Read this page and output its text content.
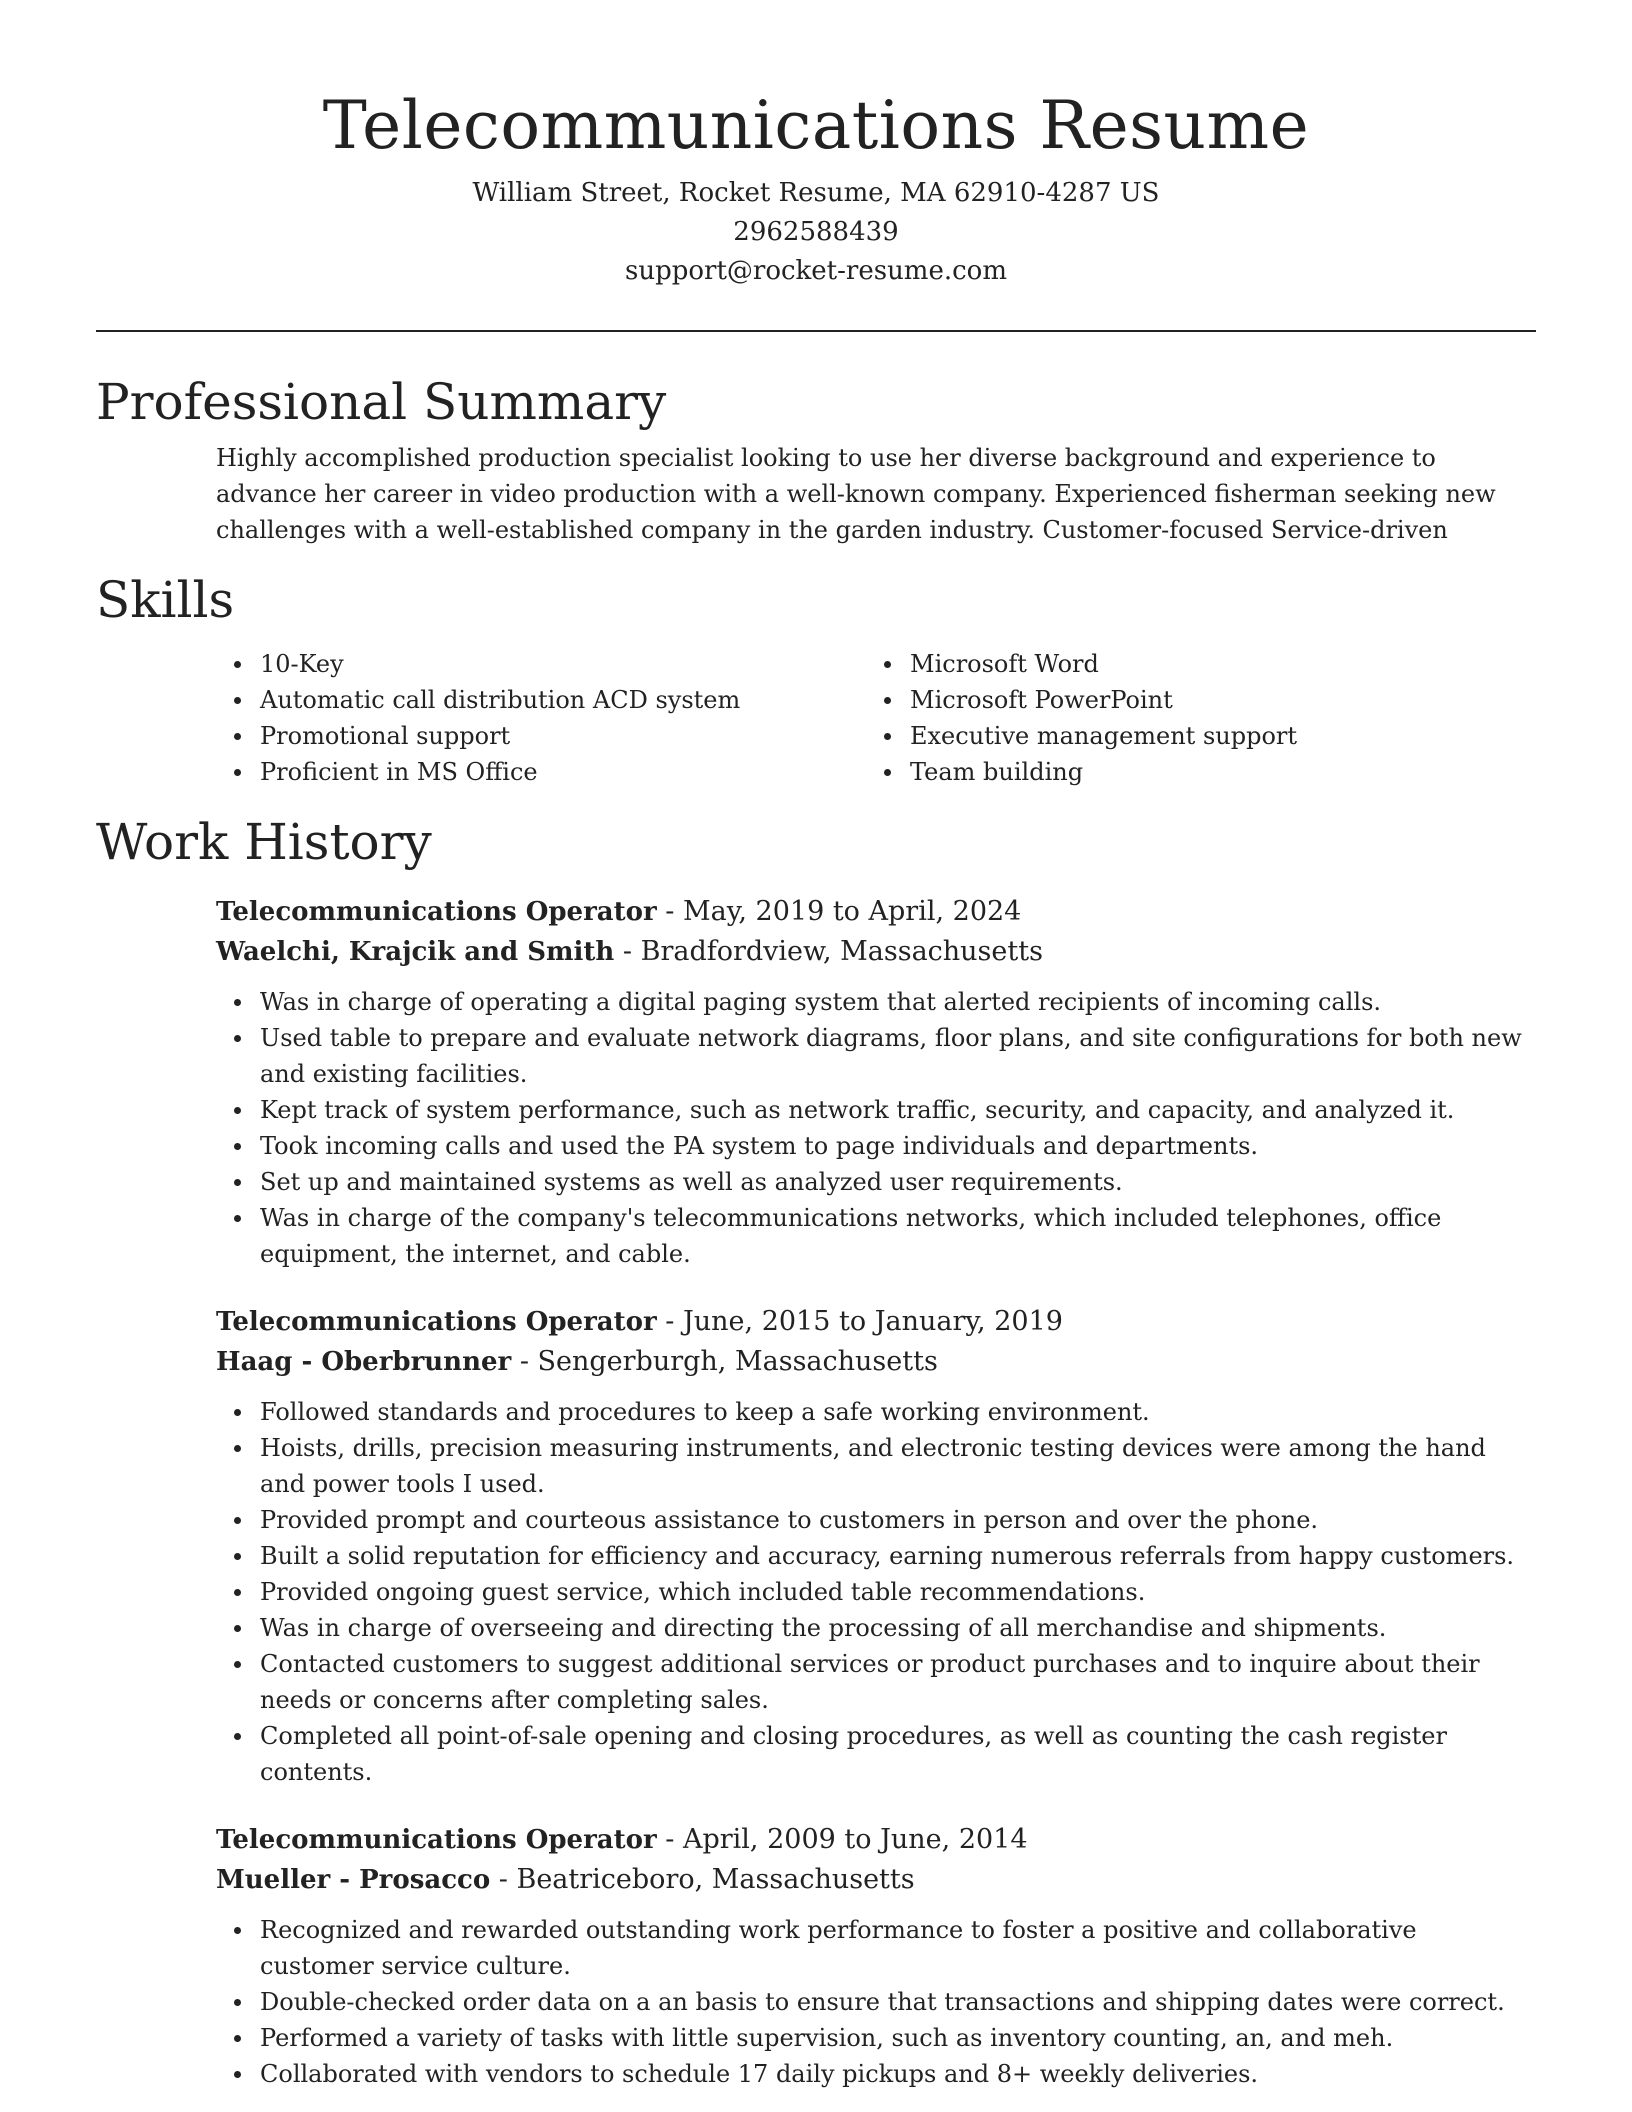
Telecommunications Resume
William Street, Rocket Resume, MA 62910-4287 US
2962588439
support@rocket-resume.com
Professional Summary

Highly accomplished production specialist looking to use her diverse background and experience to advance her career in video production with a well-known company. Experienced fisherman seeking new challenges with a well-established company in the garden industry. Customer-focused Service-driven

Skills
10-Key
Automatic call distribution ACD system
Promotional support
Proficient in MS Office
Microsoft Word
Microsoft PowerPoint
Executive management support
Team building
Work History
Telecommunications Operator - May, 2019 to April, 2024
Waelchi, Krajcik and Smith - Bradfordview, Massachusetts
Was in charge of operating a digital paging system that alerted recipients of incoming calls.
Used table to prepare and evaluate network diagrams, floor plans, and site configurations for both new and existing facilities.
Kept track of system performance, such as network traffic, security, and capacity, and analyzed it.
Took incoming calls and used the PA system to page individuals and departments.
Set up and maintained systems as well as analyzed user requirements.
Was in charge of the company's telecommunications networks, which included telephones, office equipment, the internet, and cable.
Telecommunications Operator - June, 2015 to January, 2019
Haag - Oberbrunner - Sengerburgh, Massachusetts
Followed standards and procedures to keep a safe working environment.
Hoists, drills, precision measuring instruments, and electronic testing devices were among the hand and power tools I used.
Provided prompt and courteous assistance to customers in person and over the phone.
Built a solid reputation for efficiency and accuracy, earning numerous referrals from happy customers.
Provided ongoing guest service, which included table recommendations.
Was in charge of overseeing and directing the processing of all merchandise and shipments.
Contacted customers to suggest additional services or product purchases and to inquire about their needs or concerns after completing sales.
Completed all point-of-sale opening and closing procedures, as well as counting the cash register contents.
Telecommunications Operator - April, 2009 to June, 2014
Mueller - Prosacco - Beatriceboro, Massachusetts
Recognized and rewarded outstanding work performance to foster a positive and collaborative customer service culture.
Double-checked order data on a an basis to ensure that transactions and shipping dates were correct.
Performed a variety of tasks with little supervision, such as inventory counting, an, and meh.
Collaborated with vendors to schedule 17 daily pickups and 8+ weekly deliveries.
